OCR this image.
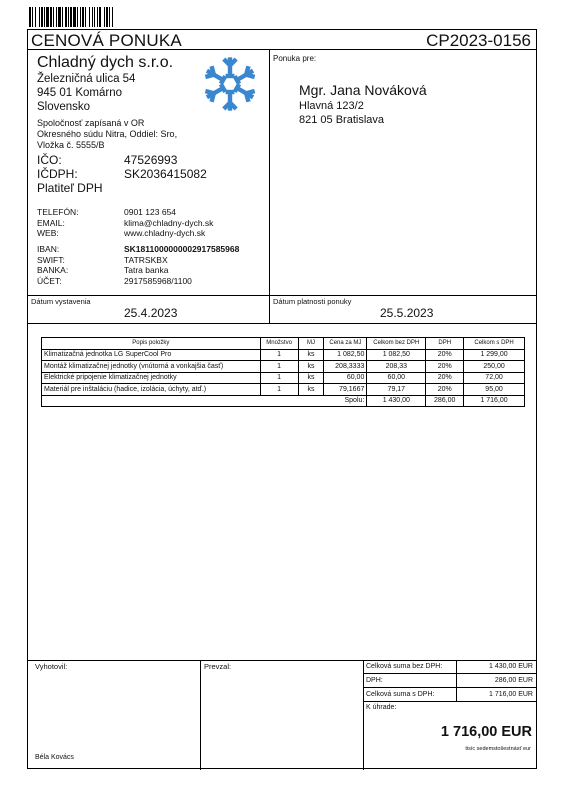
CENOVÁ PONUKA	CP2023-0156
Chladný dych s.r.o.
Železničná ulica 54
945 01 Komárno
Slovensko
Spoločnosť zapísaná v OR
Okresného súdu Nitra, Oddiel: Sro,
Vložka č. 5555/B
IČO:	47526993
IČDPH:	SK2036415082
Platiteľ DPH
TELEFÓN:	0901 123 654
EMAIL:	klima@chladny-dych.sk
WEB:	www.chladny-dych.sk
IBAN:	SK1811000000002917585968
SWIFT:	TATRSKBX
BANKA:	Tatra banka
ÚČET:	2917585968/1100
Ponuka pre:
Mgr. Jana Nováková
Hlavná 123/2
821 05 Bratislava
Dátum vystavenia
25.4.2023
Dátum platnosti ponuky
25.5.2023
Popis položky	Množstvo	MJ	Cena za MJ	Celkom bez DPH	DPH	Celkom s DPH
Klimatizačná jednotka LG SuperCool Pro	1	ks	1 082,50	1 082,50	20%	1 299,00
Montáž klimatizačnej jednotky (vnútorná a vonkajšia časť)	1	ks	208,3333	208,33	20%	250,00
Elektrické pripojenie klimatizačnej jednotky	1	ks	60,00	60,00	20%	72,00
Materiál pre inštaláciu (hadice, izolácia, úchyty, atď.)	1	ks	79,1667	79,17	20%	95,00
Spolu:				1 430,00	286,00	1 716,00
Vyhotovil:
Béla Kovács
Prevzal:	Celková suma bez DPH:	1 430,00 EUR
DPH:	286,00 EUR
Celková suma s DPH:	1 716,00 EUR
K úhrade:
1 716,00 EUR
tisíc sedemstošestnásť eur
